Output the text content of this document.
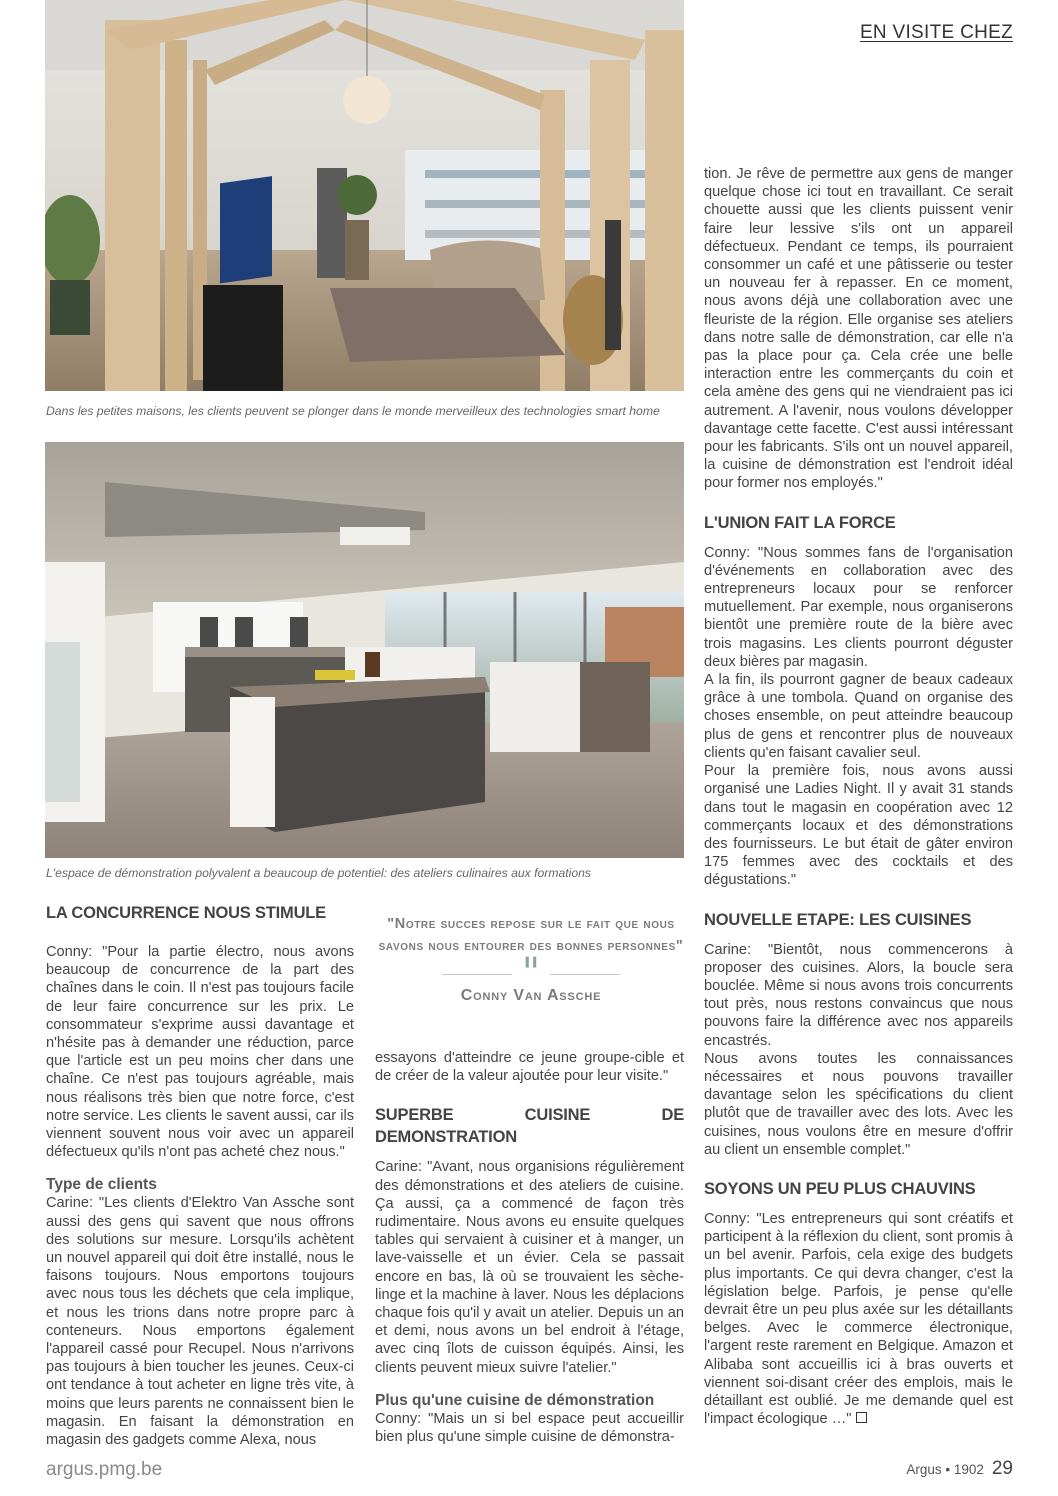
EN VISITE CHEZ
Dans les petites maisons, les clients peuvent se plonger dans le monde merveilleux des technologies smart home
L'espace de démonstration polyvalent a beaucoup de potentiel: des ateliers culinaires aux formations
LA CONCURRENCE NOUS STIMULE

Conny: "Pour la partie électro, nous avons beaucoup de concurrence de la part des chaînes dans le coin. Il n'est pas toujours facile de leur faire concurrence sur les prix. Le consommateur s'exprime aussi davantage et n'hésite pas à demander une réduction, parce que l'article est un peu moins cher dans une chaîne. Ce n'est pas toujours agréable, mais nous réalisons très bien que notre force, c'est notre service. Les clients le savent aussi, car ils viennent souvent nous voir avec un appareil défectueux qu'ils n'ont pas acheté chez nous."

Type de clients

Carine: "Les clients d'Elektro Van Assche sont aussi des gens qui savent que nous offrons des solutions sur mesure. Lorsqu'ils achètent un nouvel appareil qui doit être installé, nous le faisons toujours. Nous emportons toujours avec nous tous les déchets que cela implique, et nous les trions dans notre propre parc à conteneurs. Nous emportons également l'appareil cassé pour Recupel. Nous n'arrivons pas toujours à bien toucher les jeunes. Ceux-ci ont tendance à tout acheter en ligne très vite, à moins que leurs parents ne connaissent bien le magasin. En faisant la démonstration en magasin des gadgets comme Alexa, nous

"Notre succes repose sur le fait que nous savons nous entourer des bonnes personnes"
"
Conny Van Assche

essayons d'atteindre ce jeune groupe-cible et de créer de la valeur ajoutée pour leur visite."

SUPERBE CUISINE DE DEMONSTRATION

Carine: "Avant, nous organisions régulièrement des démonstrations et des ateliers de cuisine. Ça aussi, ça a commencé de façon très rudimentaire. Nous avons eu ensuite quelques tables qui servaient à cuisiner et à manger, un lave-vaisselle et un évier. Cela se passait encore en bas, là où se trouvaient les sèche-linge et la machine à laver. Nous les déplacions chaque fois qu'il y avait un atelier. Depuis un an et demi, nous avons un bel endroit à l'étage, avec cinq îlots de cuisson équipés. Ainsi, les clients peuvent mieux suivre l'atelier."

Plus qu'une cuisine de démonstration

Conny: "Mais un si bel espace peut accueillir bien plus qu'une simple cuisine de démonstra-

tion. Je rêve de permettre aux gens de manger quelque chose ici tout en travaillant. Ce serait chouette aussi que les clients puissent venir faire leur lessive s'ils ont un appareil défectueux. Pendant ce temps, ils pourraient consommer un café et une pâtisserie ou tester un nouveau fer à repasser. En ce moment, nous avons déjà une collaboration avec une fleuriste de la région. Elle organise ses ateliers dans notre salle de démonstration, car elle n'a pas la place pour ça. Cela crée une belle interaction entre les commerçants du coin et cela amène des gens qui ne viendraient pas ici autrement. A l'avenir, nous voulons développer davantage cette facette. C'est aussi intéressant pour les fabricants. S'ils ont un nouvel appareil, la cuisine de démonstration est l'endroit idéal pour former nos employés."

L'UNION FAIT LA FORCE

Conny: "Nous sommes fans de l'organisation d'événements en collaboration avec des entrepreneurs locaux pour se renforcer mutuellement. Par exemple, nous organiserons bientôt une première route de la bière avec trois magasins. Les clients pourront déguster deux bières par magasin.

A la fin, ils pourront gagner de beaux cadeaux grâce à une tombola. Quand on organise des choses ensemble, on peut atteindre beaucoup plus de gens et rencontrer plus de nouveaux clients qu'en faisant cavalier seul.

Pour la première fois, nous avons aussi organisé une Ladies Night. Il y avait 31 stands dans tout le magasin en coopération avec 12 commerçants locaux et des démonstrations des fournisseurs. Le but était de gâter environ 175 femmes avec des cocktails et des dégustations."

NOUVELLE ETAPE: LES CUISINES

Carine: "Bientôt, nous commencerons à proposer des cuisines. Alors, la boucle sera bouclée. Même si nous avons trois concurrents tout près, nous restons convaincus que nous pouvons faire la différence avec nos appareils encastrés.

Nous avons toutes les connaissances nécessaires et nous pouvons travailler davantage selon les spécifications du client plutôt que de travailler avec des lots. Avec les cuisines, nous voulons être en mesure d'offrir au client un ensemble complet."

SOYONS UN PEU PLUS CHAUVINS

Conny: "Les entrepreneurs qui sont créatifs et participent à la réflexion du client, sont promis à un bel avenir. Parfois, cela exige des budgets plus importants. Ce qui devra changer, c'est la législation belge. Parfois, je pense qu'elle devrait être un peu plus axée sur les détaillants belges. Avec le commerce électronique, l'argent reste rarement en Belgique. Amazon et Alibaba sont accueillis ici à bras ouverts et viennent soi-disant créer des emplois, mais le détaillant est oublié. Je me demande quel est l'impact écologique …"

argus.pmg.be	Argus • 1902 29
